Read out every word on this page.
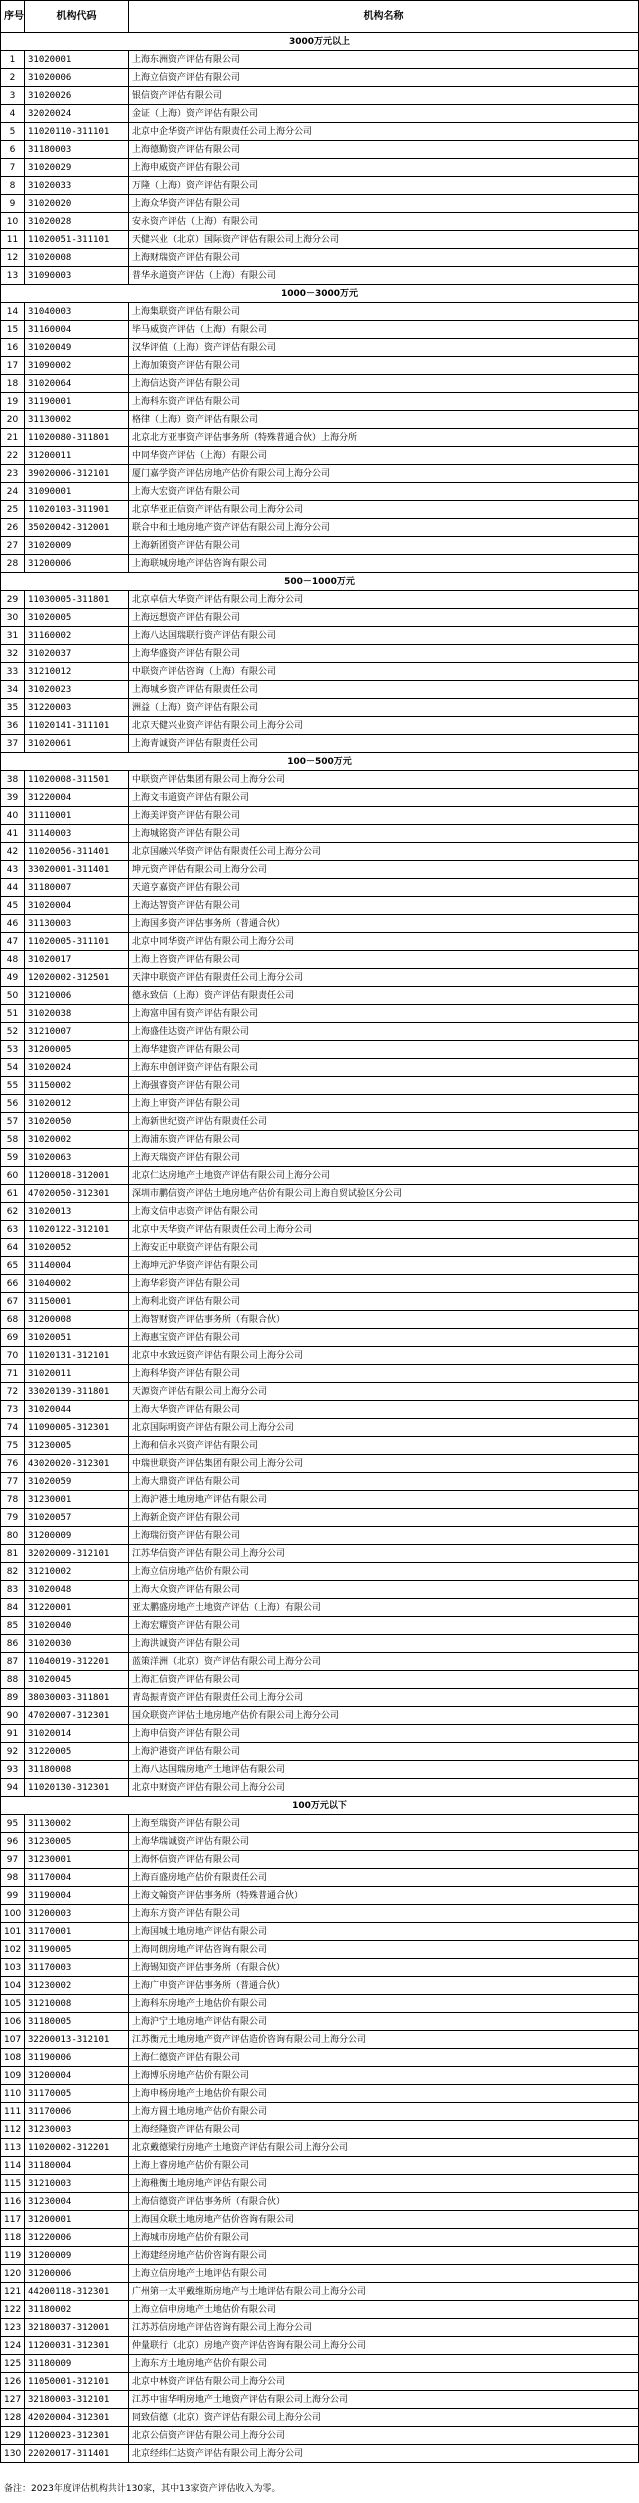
序号	机构代码	机构名称
3000万元以上		
1	31020001	上海东洲资产评估有限公司
2	31020006	上海立信资产评估有限公司
3	31020026	银信资产评估有限公司
4	32020024	金证（上海）资产评估有限公司
5	11020110-311101	北京中企华资产评估有限责任公司上海分公司
6	31180003	上海德勤资产评估有限公司
7	31020029	上海申威资产评估有限公司
8	31020033	万隆（上海）资产评估有限公司
9	31020020	上海众华资产评估有限公司
10	31020028	安永资产评估（上海）有限公司
11	11020051-311101	天健兴业（北京）国际资产评估有限公司上海分公司
12	31020008	上海财瑞资产评估有限公司
13	31090003	普华永道资产评估（上海）有限公司
1000－3000万元		
14	31040003	上海集联资产评估有限公司
15	31160004	毕马威资产评估（上海）有限公司
16	31020049	汉华评值（上海）资产评估有限公司
17	31090002	上海加策资产评估有限公司
18	31020064	上海信达资产评估有限公司
19	31190001	上海科东资产评估有限公司
20	31130002	格律（上海）资产评估有限公司
21	11020080-311801	北京北方亚事资产评估事务所（特殊普通合伙）上海分所
22	31200011	中同华资产评估（上海）有限公司
23	39020006-312101	厦门嘉学资产评估房地产估价有限公司上海分公司
24	31090001	上海大宏资产评估有限公司
25	11020103-311901	北京华亚正信资产评估有限公司上海分公司
26	35020042-312001	联合中和土地房地产资产评估有限公司上海分公司
27	31020009	上海新团资产评估有限公司
28	31200006	上海联城房地产评估咨询有限公司
500－1000万元		
29	11030005-311801	北京卓信大华资产评估有限公司上海分公司
30	31020005	上海远想资产评估有限公司
31	31160002	上海八达国瑞联行资产评估有限公司
32	31020037	上海华盛资产评估有限公司
33	31210012	中联资产评估咨询（上海）有限公司
34	31020023	上海城乡资产评估有限责任公司
35	31220003	洲益（上海）资产评估有限公司
36	11020141-311101	北京天健兴业资产评估有限公司上海分公司
37	31020061	上海青诚资产评估有限责任公司
100－500万元		
38	11020008-311501	中联资产评估集团有限公司上海分公司
39	31220004	上海文韦道资产评估有限公司
40	31110001	上海美评资产评估有限公司
41	31140003	上海城铭资产评估有限公司
42	11020056-311401	北京国融兴华资产评估有限责任公司上海分公司
43	33020001-311401	坤元资产评估有限公司上海分公司
44	31180007	天道亨嘉资产评估有限公司
45	31020004	上海达智资产评估有限公司
46	31130003	上海国多资产评估事务所（普通合伙）
47	11020005-311101	北京中同华资产评估有限公司上海分公司
48	31020017	上海上咨资产评估有限公司
49	12020002-312501	天津中联资产评估有限责任公司上海分公司
50	31210006	德永致信（上海）资产评估有限责任公司
51	31020038	上海富申国有资产评估有限公司
52	31210007	上海盛佳达资产评估有限公司
53	31200005	上海华建资产评估有限公司
54	31020024	上海东申创评资产评估有限公司
55	31150002	上海强睿资产评估有限公司
56	31020012	上海上审资产评估有限公司
57	31020050	上海新世纪资产评估有限责任公司
58	31020002	上海浦东资产评估有限公司
59	31020063	上海天瑞资产评估有限公司
60	11200018-312001	北京仁达房地产土地资产评估有限公司上海分公司
61	47020050-312301	深圳市鹏信资产评估土地房地产估价有限公司上海自贸试验区分公司
62	31020013	上海文信申志资产评估有限公司
63	11020122-312101	北京中天华资产评估有限责任公司上海分公司
64	31020052	上海安正中联资产评估有限公司
65	31140004	上海坤元沪华资产评估有限公司
66	31040002	上海华彩资产评估有限公司
67	31150001	上海利北资产评估有限公司
68	31200008	上海智财资产评估事务所（有限合伙）
69	31020051	上海惠宝资产评估有限公司
70	11020131-312101	北京中水致远资产评估有限公司上海分公司
71	31020011	上海科华资产评估有限公司
72	33020139-311801	天源资产评估有限公司上海分公司
73	31020044	上海大华资产评估有限公司
74	11090005-312301	北京国际明资产评估有限公司上海分公司
75	31230005	上海和信永兴资产评估有限公司
76	43020020-312301	中瑞世联资产评估集团有限公司上海分公司
77	31020059	上海大鼎资产评估有限公司
78	31230001	上海沪港土地房地产评估有限公司
79	31020057	上海新企资产评估有限公司
80	31200009	上海瑞衍资产评估有限公司
81	32020009-312101	江苏华信资产评估有限公司上海分公司
82	31210002	上海立信房地产估价有限公司
83	31020048	上海大众资产评估有限公司
84	31220001	亚太鹏盛房地产土地资产评估（上海）有限公司
85	31020040	上海宏耀资产评估有限公司
86	31020030	上海洪诚资产评估有限公司
87	11040019-312201	蓝策洋洲（北京）资产评估有限公司上海分公司
88	31020045	上海汇信资产评估有限公司
89	38030003-311801	青岛振青资产评估有限责任公司上海分公司
90	47020007-312301	国众联资产评估土地房地产估价有限公司上海分公司
91	31020014	上海申信资产评估有限公司
92	31220005	上海沪港资产评估有限公司
93	31180008	上海八达国瑞房地产土地评估有限公司
94	11020130-312301	北京中财资产评估有限公司上海分公司
100万元以下		
95	31130002	上海至瑞资产评估有限公司
96	31230005	上海华瑞诚资产评估有限公司
97	31230001	上海怀信资产评估有限公司
98	31170004	上海百盛房地产估价有限责任公司
99	31190004	上海文翰资产评估事务所（特殊普通合伙）
100	31200003	上海东方资产评估有限公司
101	31170001	上海国城土地房地产评估有限公司
102	31190005	上海同朗房地产评估咨询有限公司
103	31170003	上海锡知资产评估事务所（有限合伙）
104	31230002	上海广申资产评估事务所（普通合伙）
105	31210008	上海科东房地产土地估价有限公司
106	31180005	上海沪宁土地房地产评估有限公司
107	32200013-312101	江苏衡元土地房地产资产评估造价咨询有限公司上海分公司
108	31190006	上海仁德资产评估有限公司
109	31200004	上海博乐房地产估价有限公司
110	31170005	上海申杨房地产土地估价有限公司
111	31170006	上海方圆土地房地产估价有限公司
112	31230003	上海经隆资产评估有限公司
113	11020002-312201	北京戴德梁行房地产土地资产评估有限公司上海分公司
114	31180004	上海上睿房地产估价有限公司
115	31210003	上海稚衡土地房地产评估有限公司
116	31230004	上海信德资产评估事务所（有限合伙）
117	31200001	上海国众联土地房地产估价咨询有限公司
118	31220006	上海城市房地产估价有限公司
119	31200009	上海建经房地产估价咨询有限公司
120	31200006	上海立信房地产土地评估有限公司
121	44200118-312301	广州第一太平戴维斯房地产与土地评估有限公司上海分公司
122	31180002	上海立信申房地产土地估价有限公司
123	32180037-312001	江苏苏信房地产评估咨询有限公司上海分公司
124	11200031-312301	仲量联行（北京）房地产资产评估咨询有限公司上海分公司
125	31180009	上海东方土地房地产估价有限公司
126	11050001-312101	北京中林资产评估有限公司上海分公司
127	32180003-312101	江苏中宙华明房地产土地资产评估有限公司上海分公司
128	42020004-312301	同致信德（北京）资产评估有限公司上海分公司
129	11200023-312301	北京公信资产评估有限公司上海分公司
130	22020017-311401	北京经纬仁达资产评估有限公司上海分公司
备注：2023年度评估机构共计130家，其中13家资产评估收入为零。
